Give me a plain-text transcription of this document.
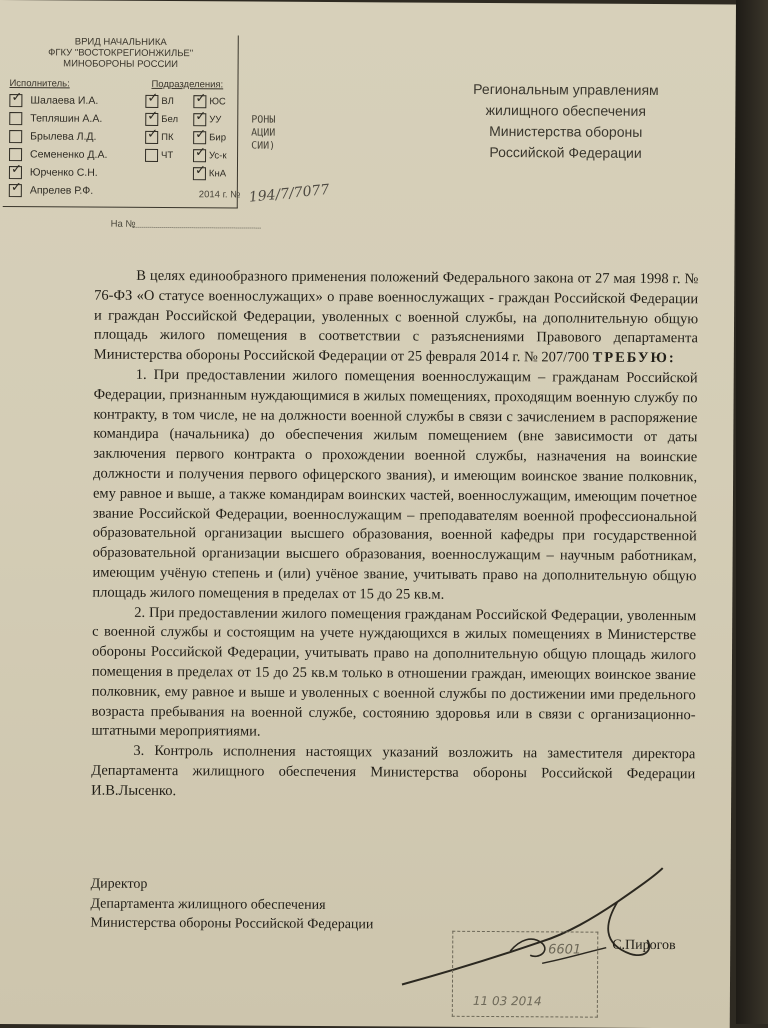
ВРИД НАЧАЛЬНИКА
ФГКУ "ВОСТОКРЕГИОНЖИЛЬЕ"
МИНОБОРОНЫ РОССИИ
Исполнитель:	Подразделения:
✓ Шалаева И.А.
Тепляшин А.А.
Брылева Л.Д.
Семененко Д.А.
✓ Юрченко С.Н.
✓ Апрелев Р.Ф.
✓ ВЛ ✓ ЮС
✓ Бел ✓ УУ
✓ ПК ✓ Бир
ЧТ ✓ Ус-к
✓ КнА
РОНЫ
АЦИИ
СИИ)
2014 г. № 194/7/7077
На №
Региональным управлениям
жилищного обеспечения
Министерства обороны
Российской Федерации

В целях единообразного применения положений Федерального закона от 27 мая 1998 г. № 76-ФЗ «О статусе военнослужащих» о праве военнослужащих - граждан Российской Федерации и граждан Российской Федерации, уволенных с военной службы, на дополнительную общую площадь жилого помещения в соответствии с разъяснениями Правового департамента Министерства обороны Российской Федерации от 25 февраля 2014 г. № 207/700 ТРЕБУЮ:

1. При предоставлении жилого помещения военнослужащим – гражданам Российской Федерации, признанным нуждающимися в жилых помещениях, проходящим военную службу по контракту, в том числе, не на должности военной службы в связи с зачислением в распоряжение командира (начальника) до обеспечения жилым помещением (вне зависимости от даты заключения первого контракта о прохождении военной службы, назначения на воинские должности и получения первого офицерского звания), и имеющим воинское звание полковник, ему равное и выше, а также командирам воинских частей, военнослужащим, имеющим почетное звание Российской Федерации, военнослужащим – преподавателям военной профессиональной образовательной организации высшего образования, военной кафедры при государственной образовательной организации высшего образования, военнослужащим – научным работникам, имеющим учёную степень и (или) учёное звание, учитывать право на дополнительную общую площадь жилого помещения в пределах от 15 до 25 кв.м.

2. При предоставлении жилого помещения гражданам Российской Федерации, уволенным с военной службы и состоящим на учете нуждающихся в жилых помещениях в Министерстве обороны Российской Федерации, учитывать право на дополнительную общую площадь жилого помещения в пределах от 15 до 25 кв.м только в отношении граждан, имеющих воинское звание полковник, ему равное и выше и уволенных с военной службы по достижении ими предельного возраста пребывания на военной службе, состоянию здоровья или в связи с организационно-штатными мероприятиями.

3. Контроль исполнения настоящих указаний возложить на заместителя директора Департамента жилищного обеспечения Министерства обороны Российской Федерации И.В.Лысенко.

Директор
Департамента жилищного обеспечения
Министерства обороны Российской Федерации
6601
11 03 2014
С.Пирогов
